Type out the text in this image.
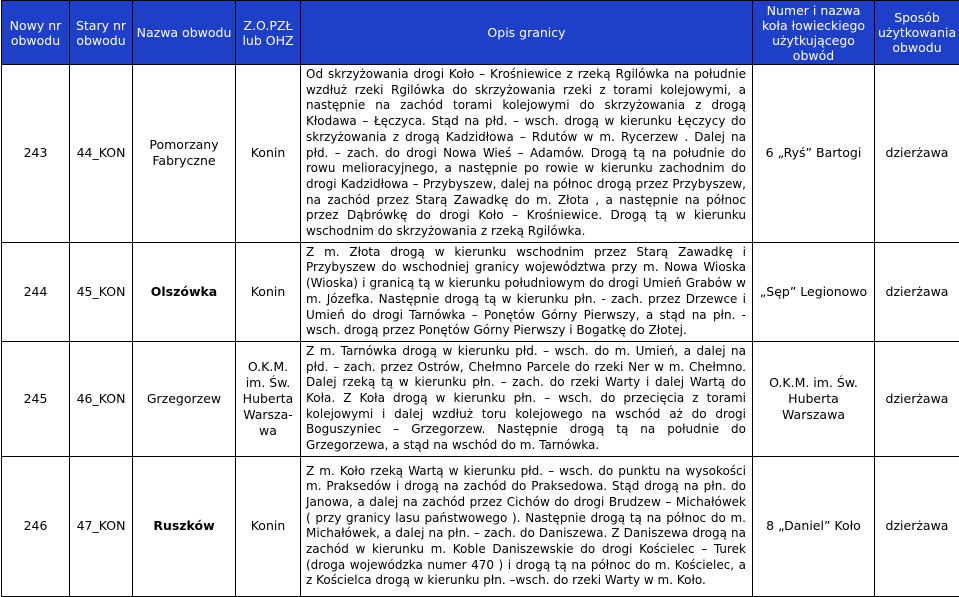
Nowy nr obwodu	Stary nr obwodu	Nazwa obwodu	Z.O.PZŁ lub OHZ	Opis granicy	Numer i nazwa koła łowieckiego użytkującego obwód	Sposób użytkowania obwodu
243	44_KON	Pomorzany Fabryczne	Konin	Od skrzyżowania drogi Koło – Krośniewice z rzeką Rgilówka na południe wzdłuż rzeki Rgilówka do skrzyżowania rzeki z torami kolejowymi, a następnie na zachód torami kolejowymi do skrzyżowania z drogą Kłodawa – Łęczyca. Stąd na płd. – wsch. drogą w kierunku Łęczycy do skrzyżowania z drogą Kadzidłowa – Rdutów w m. Rycerzew . Dalej na płd. – zach. do drogi Nowa Wieś – Adamów. Drogą tą na południe do rowu melioracyjnego, a następnie po rowie w kierunku zachodnim do drogi Kadzidłowa – Przybyszew, dalej na północ drogą przez Przybyszew, na zachód przez Starą Zawadkę do m. Złota , a następnie na północ przez Dąbrówkę do drogi Koło – Krośniewice. Drogą tą w kierunku wschodnim do skrzyżowania z rzeką Rgilówka.	6 „Ryś” Bartogi	dzierżawa
244	45_KON	Olszówka	Konin	Z m. Złota drogą w kierunku wschodnim przez Starą Zawadkę i Przybyszew do wschodniej granicy województwa przy m. Nowa Wioska (Wioska) i granicą tą w kierunku południowym do drogi Umień Grabów w m. Józefka. Następnie drogą tą w kierunku płn. - zach. przez Drzewce i Umień do drogi Tarnówka – Ponętów Górny Pierwszy, a stąd na płn. - wsch. drogą przez Ponętów Górny Pierwszy i Bogatkę do Złotej.	„Sęp” Legionowo	dzierżawa
245	46_KON	Grzegorzew	O.K.M. im. Św. Huberta Warsza-wa	Z m. Tarnówka drogą w kierunku płd. – wsch. do m. Umień, a dalej na płd. – zach. przez Ostrów, Chełmno Parcele do rzeki Ner w m. Chełmno. Dalej rzeką tą w kierunku płn. – zach. do rzeki Warty i dalej Wartą do Koła. Z Koła drogą w kierunku płn. – wsch. do przecięcia z torami kolejowymi i dalej wzdłuż toru kolejowego na wschód aż do drogi Boguszyniec – Grzegorzew. Następnie drogą tą na południe do Grzegorzewa, a stąd na wschód do m. Tarnówka.	O.K.M. im. Św. Huberta Warszawa	dzierżawa
246	47_KON	Ruszków	Konin	Z m. Koło rzeką Wartą w kierunku płd. – wsch. do punktu na wysokości m. Praksedów i drogą na zachód do Praksedowa. Stąd drogą na płn. do Janowa, a dalej na zachód przez Cichów do drogi Brudzew – Michałówek ( przy granicy lasu państwowego ). Następnie drogą tą na północ do m. Michałówek, a dalej na płn. – zach. do Daniszewa. Z Daniszewa drogą na zachód w kierunku m. Koble Daniszewskie do drogi Kościelec – Turek (droga wojewódzka numer 470 ) i drogą tą na północ do m. Kościelec, a z Kościelca drogą w kierunku płn. –wsch. do rzeki Warty w m. Koło.	8 „Daniel” Koło	dzierżawa
